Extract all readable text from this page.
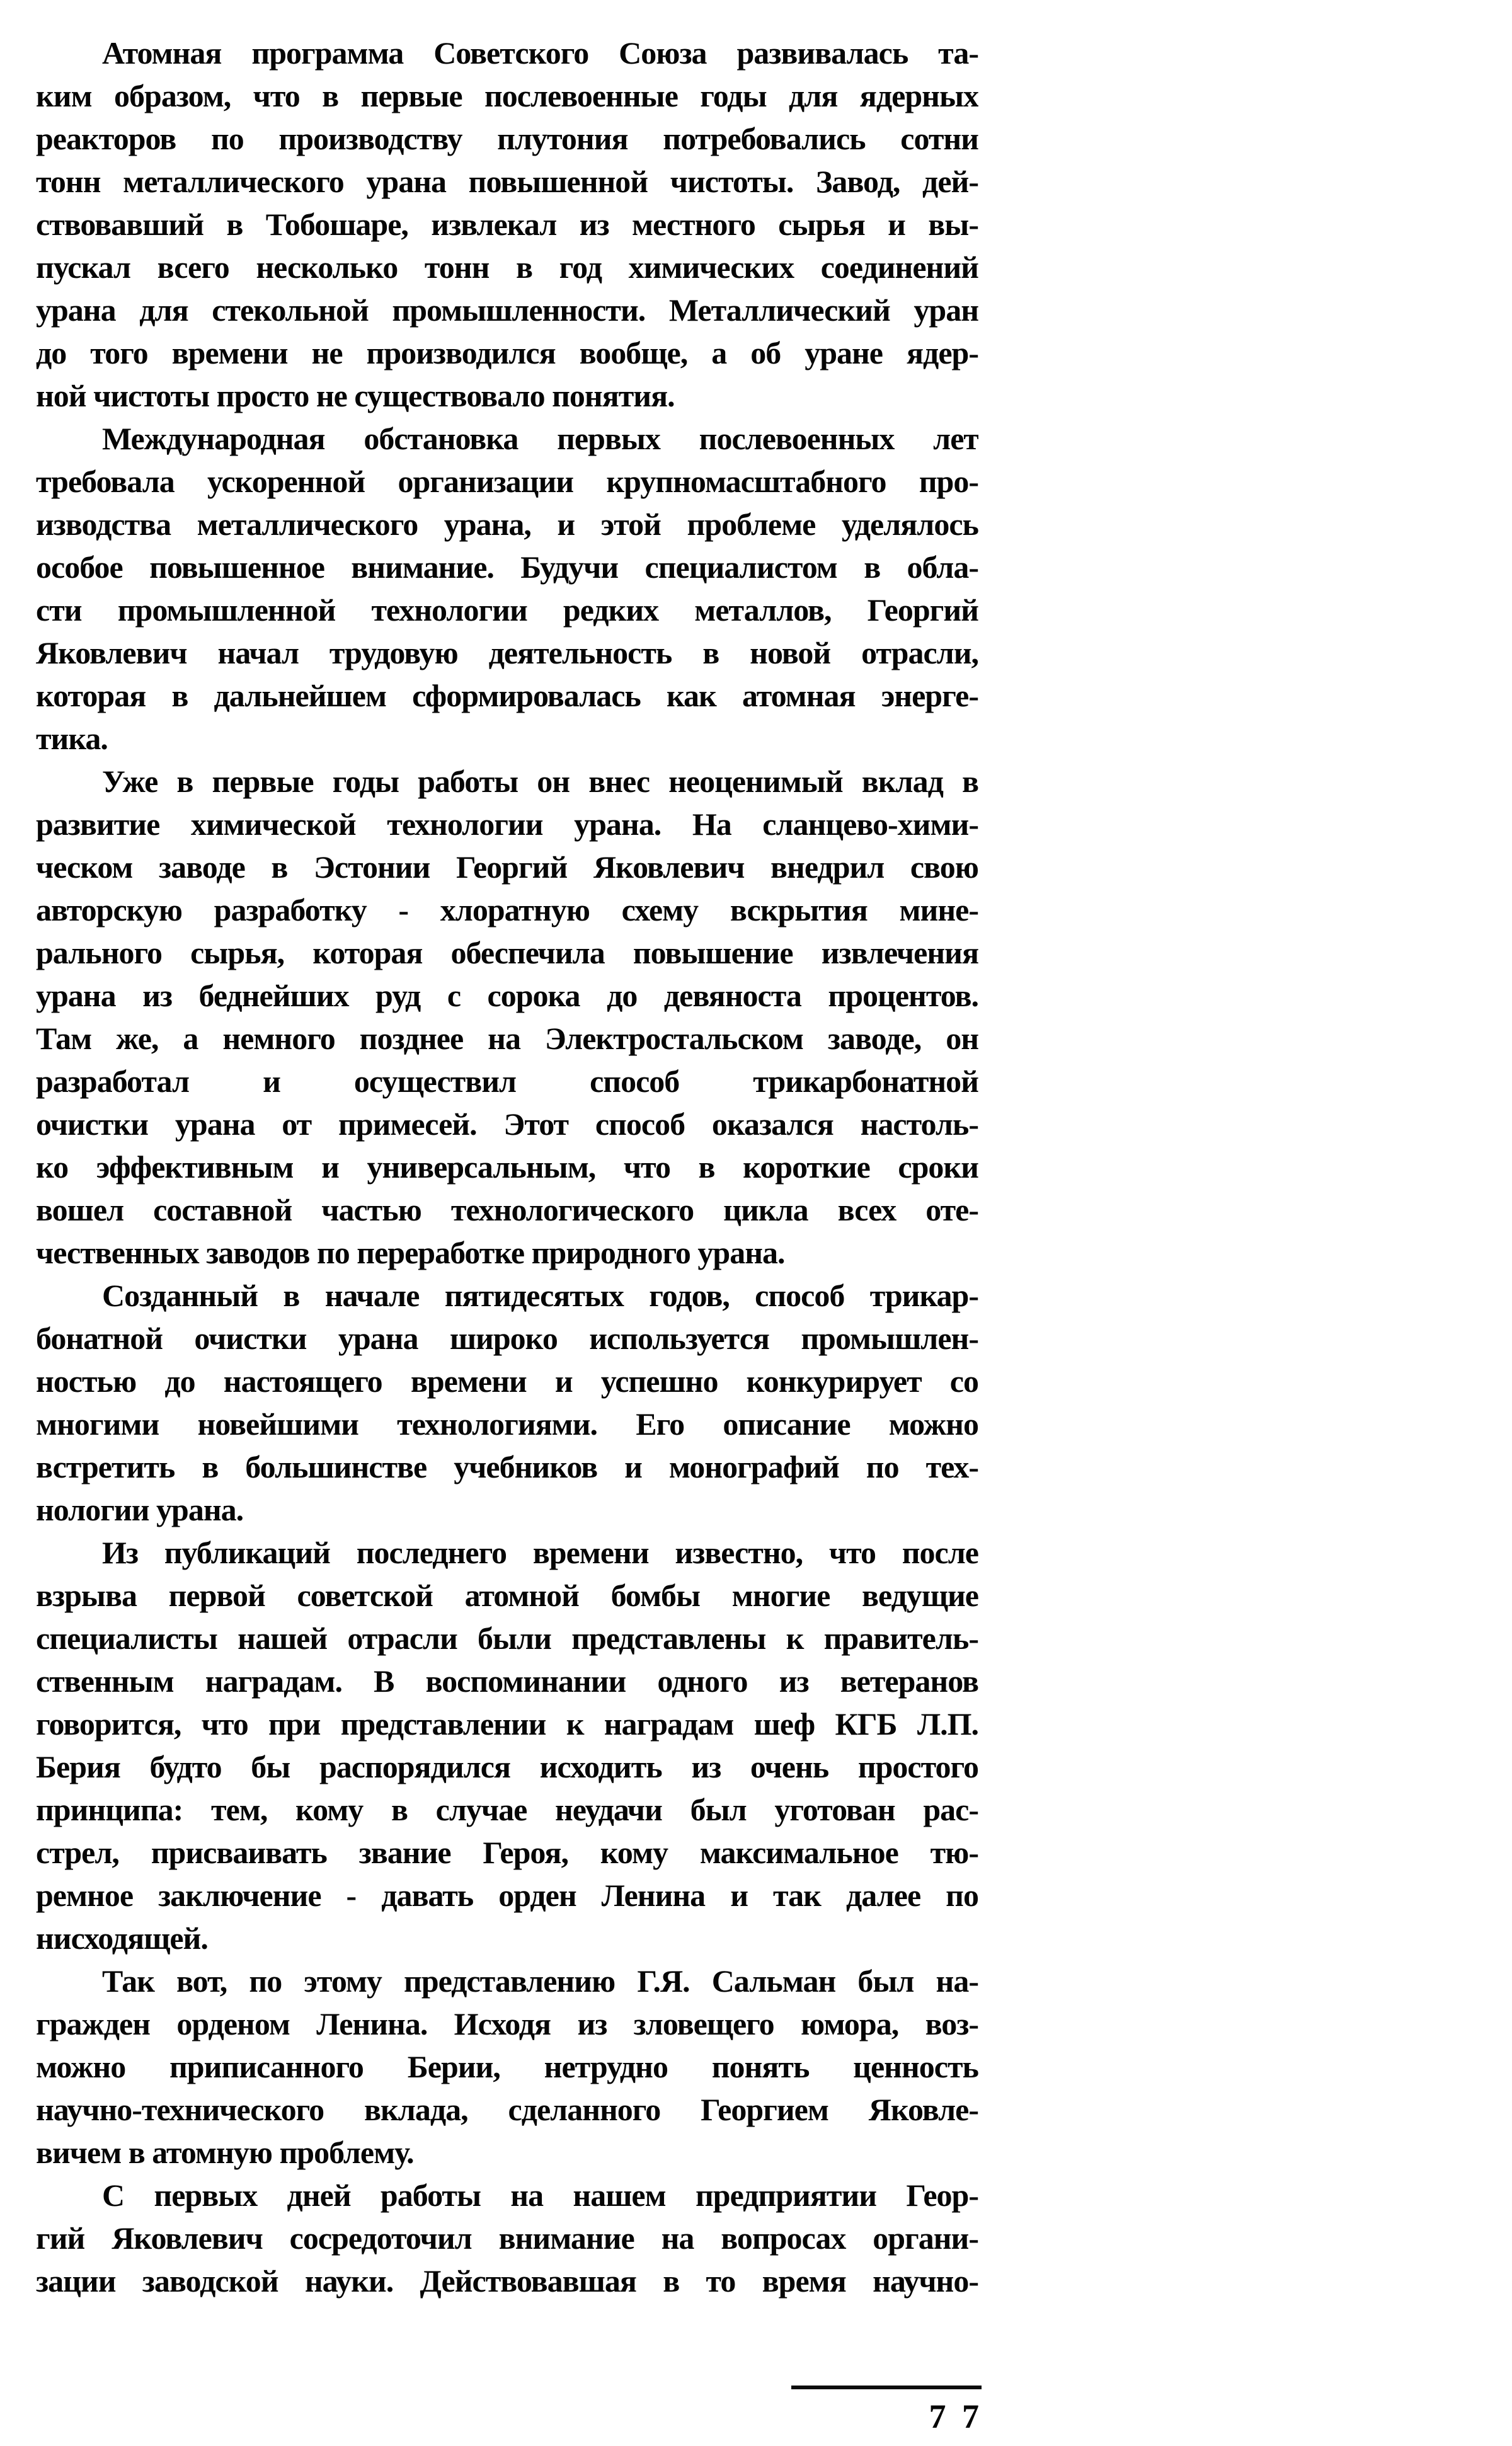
Атомная программа Советского Союза развивалась та-
ким образом, что в первые послевоенные годы для ядерных
реакторов по производству плутония потребовались сотни
тонн металлического урана повышенной чистоты. Завод, дей-
ствовавший в Тобошаре, извлекал из местного сырья и вы-
пускал всего несколько тонн в год химических соединений
урана для стекольной промышленности. Металлический уран
до того времени не производился вообще, а об уране ядер-
ной чистоты просто не существовало понятия.
Международная обстановка первых послевоенных лет
требовала ускоренной организации крупномасштабного про-
изводства металлического урана, и этой проблеме уделялось
особое повышенное внимание. Будучи специалистом в обла-
сти промышленной технологии редких металлов, Георгий
Яковлевич начал трудовую деятельность в новой отрасли,
которая в дальнейшем сформировалась как атомная энерге-
тика.
Уже в первые годы работы он внес неоценимый вклад в
развитие химической технологии урана. На сланцево-хими-
ческом заводе в Эстонии Георгий Яковлевич внедрил свою
авторскую разработку - хлоратную схему вскрытия мине-
рального сырья, которая обеспечила повышение извлечения
урана из беднейших руд с сорока до девяноста процентов.
Там же, а немного позднее на Электростальском заводе, он
разработал и осуществил способ трикарбонатной
очистки урана от примесей. Этот способ оказался настоль-
ко эффективным и универсальным, что в короткие сроки
вошел составной частью технологического цикла всех оте-
чественных заводов по переработке природного урана.
Созданный в начале пятидесятых годов, способ трикар-
бонатной очистки урана широко используется промышлен-
ностью до настоящего времени и успешно конкурирует со
многими новейшими технологиями. Его описание можно
встретить в большинстве учебников и монографий по тех-
нологии урана.
Из публикаций последнего времени известно, что после
взрыва первой советской атомной бомбы многие ведущие
специалисты нашей отрасли были представлены к правитель-
ственным наградам. В воспоминании одного из ветеранов
говорится, что при представлении к наградам шеф КГБ Л.П.
Берия будто бы распорядился исходить из очень простого
принципа: тем, кому в случае неудачи был уготован рас-
стрел, присваивать звание Героя, кому максимальное тю-
ремное заключение - давать орден Ленина и так далее по
нисходящей.
Так вот, по этому представлению Г.Я. Сальман был на-
гражден орденом Ленина. Исходя из зловещего юмора, воз-
можно приписанного Берии, нетрудно понять ценность
научно-технического вклада, сделанного Георгием Яковле-
вичем в атомную проблему.
С первых дней работы на нашем предприятии Геор-
гий Яковлевич сосредоточил внимание на вопросах органи-
зации заводской науки. Действовавшая в то время научно-
7 7
